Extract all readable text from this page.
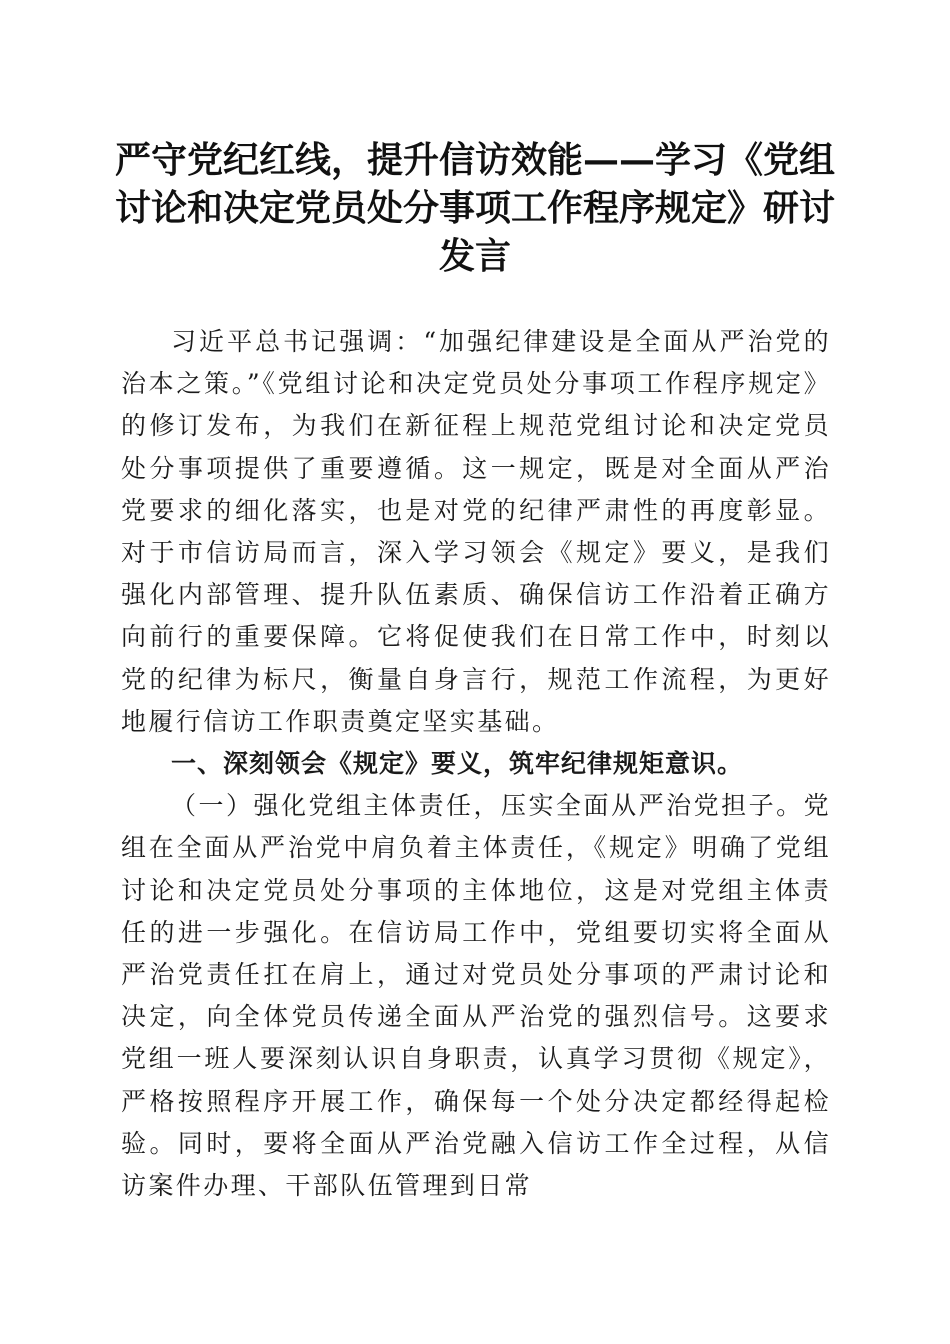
严守党纪红线，提升信访效能——学习《党组讨论和决定党员处分事项工作程序规定》研讨发言

习近平总书记强调：“加强纪律建设是全面从严治党的治本之策。”《党组讨论和决定党员处分事项工作程序规定》的修订发布，为我们在新征程上规范党组讨论和决定党员处分事项提供了重要遵循。这一规定，既是对全面从严治党要求的细化落实，也是对党的纪律严肃性的再度彰显。对于市信访局而言，深入学习领会《规定》要义，是我们强化内部管理、提升队伍素质、确保信访工作沿着正确方向前行的重要保障。它将促使我们在日常工作中，时刻以党的纪律为标尺，衡量自身言行，规范工作流程，为更好地履行信访工作职责奠定坚实基础。

一、深刻领会《规定》要义，筑牢纪律规矩意识。

（一）强化党组主体责任，压实全面从严治党担子。党组在全面从严治党中肩负着主体责任，《规定》明确了党组讨论和决定党员处分事项的主体地位，这是对党组主体责任的进一步强化。在信访局工作中，党组要切实将全面从严治党责任扛在肩上，通过对党员处分事项的严肃讨论和决定，向全体党员传递全面从严治党的强烈信号。这要求党组一班人要深刻认识自身职责，认真学习贯彻《规定》，严格按照程序开展工作，确保每一个处分决定都经得起检验。同时，要将全面从严治党融入信访工作全过程，从信访案件办理、干部队伍管理到日常
